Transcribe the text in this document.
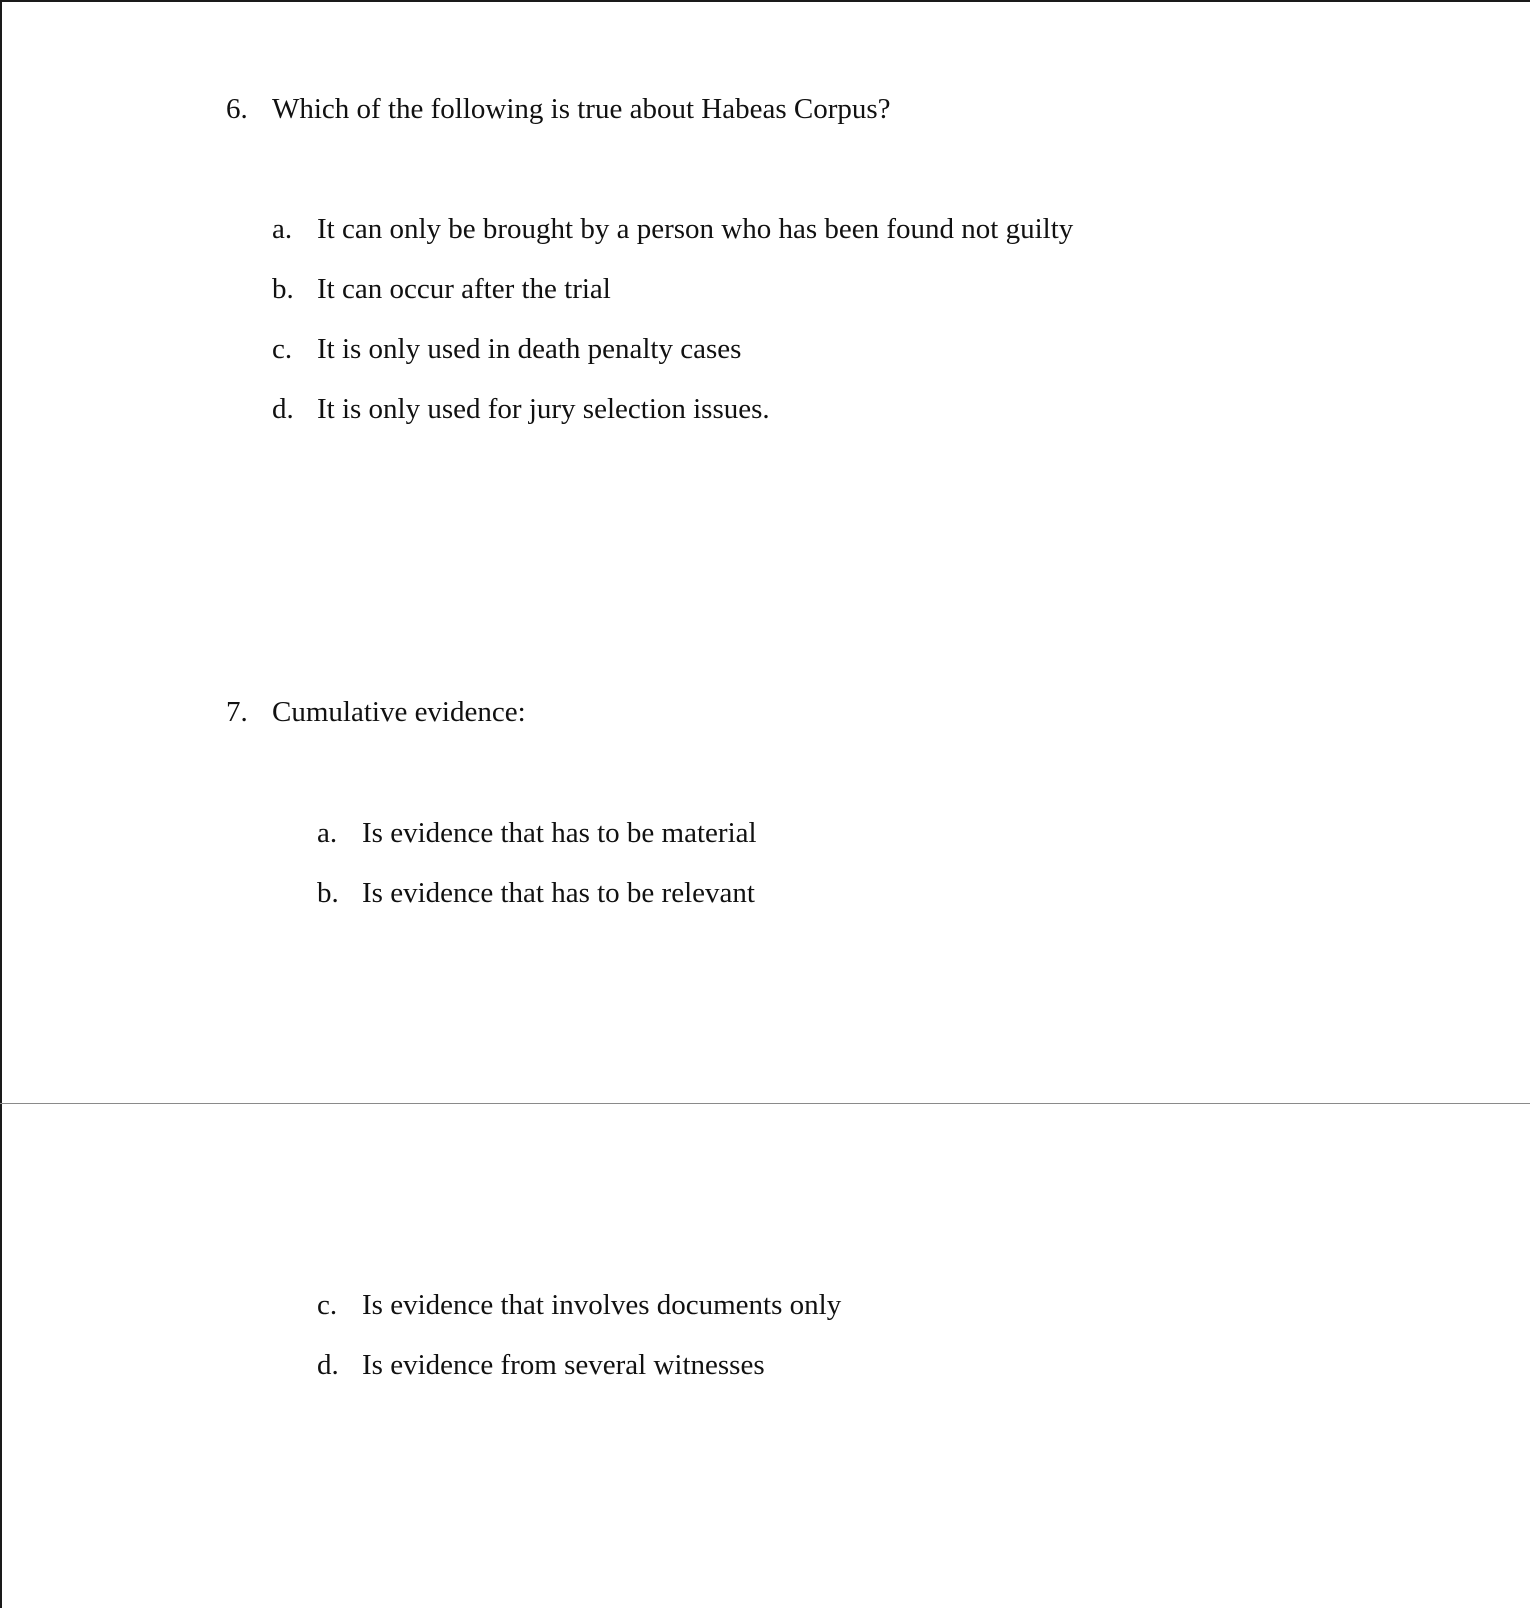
6. Which of the following is true about Habeas Corpus?
a. It can only be brought by a person who has been found not guilty
b. It can occur after the trial
c. It is only used in death penalty cases
d. It is only used for jury selection issues.
7. Cumulative evidence:
a. Is evidence that has to be material
b. Is evidence that has to be relevant
c. Is evidence that involves documents only
d. Is evidence from several witnesses
